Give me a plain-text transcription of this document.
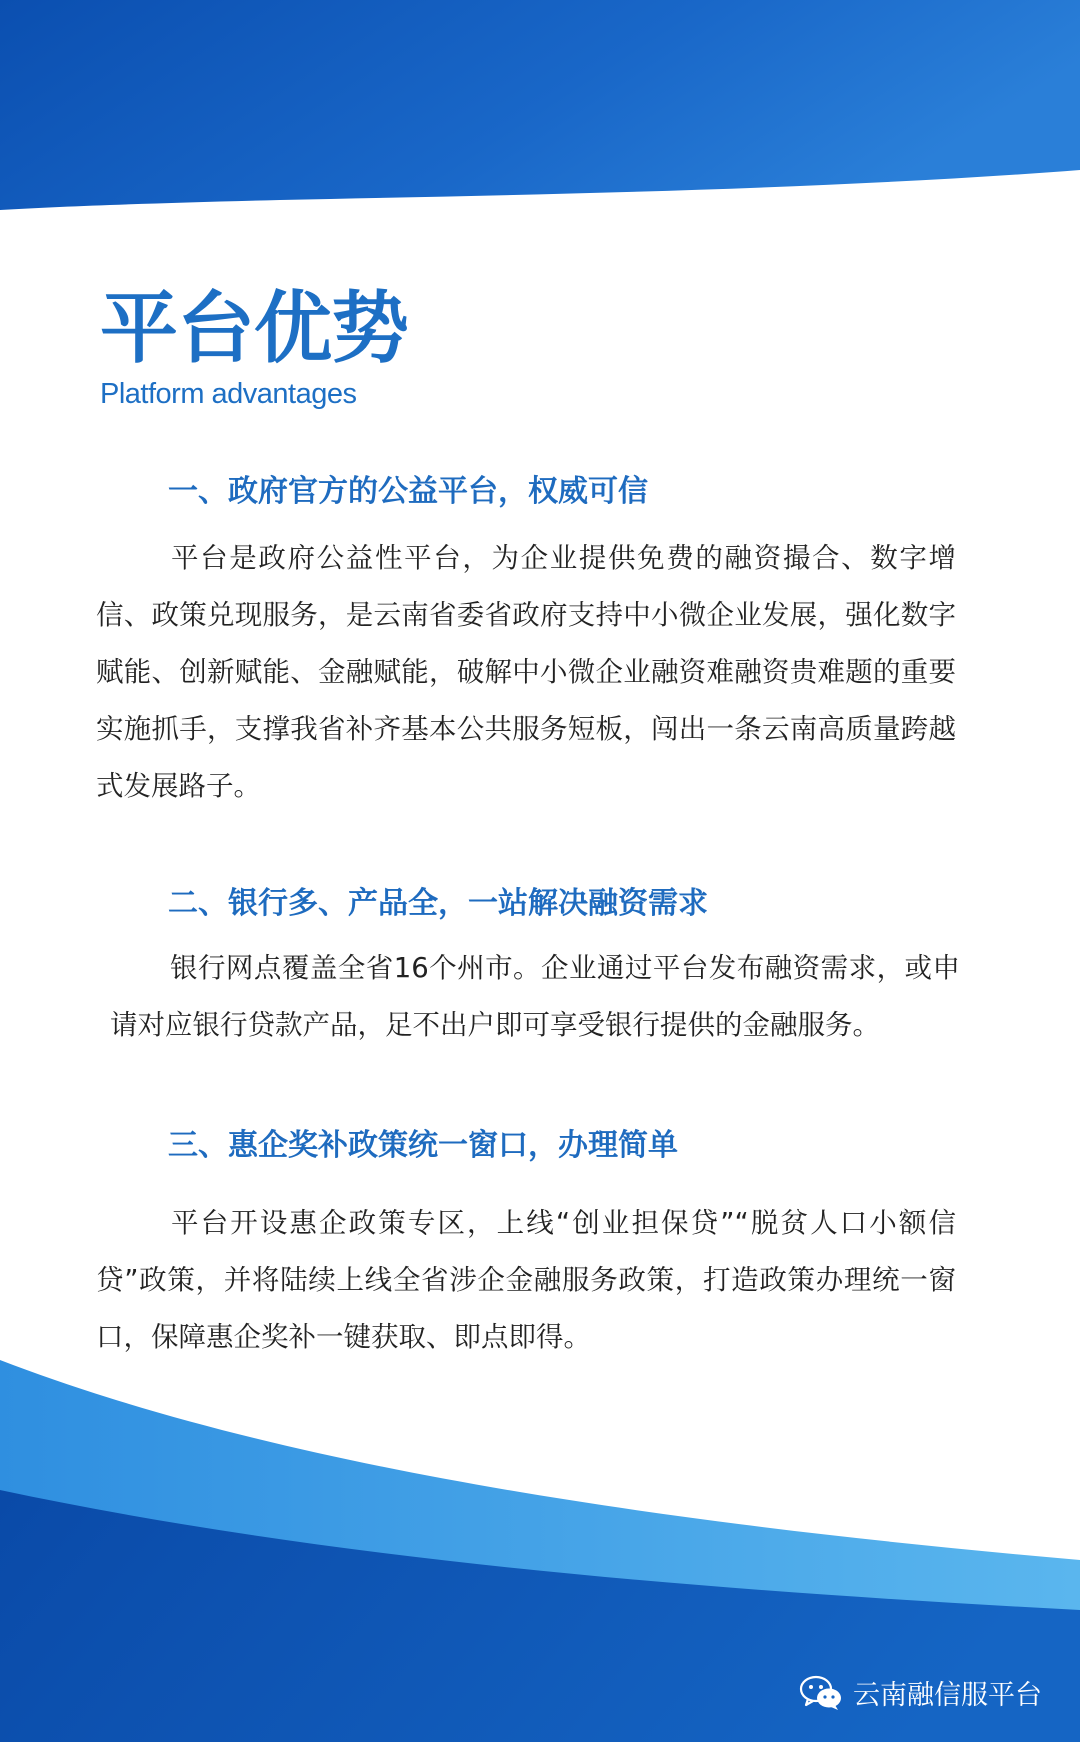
平台优势
Platform advantages
一、政府官方的公益平台，权威可信
平台是政府公益性平台，为企业提供免费的融资撮合、数字增信、政策兑现服务，是云南省委省政府支持中小微企业发展，强化数字赋能、创新赋能、金融赋能，破解中小微企业融资难融资贵难题的重要实施抓手，支撑我省补齐基本公共服务短板，闯出一条云南高质量跨越式发展路子。
二、银行多、产品全，一站解决融资需求
银行网点覆盖全省16个州市。企业通过平台发布融资需求，或申请对应银行贷款产品，足不出户即可享受银行提供的金融服务。
三、惠企奖补政策统一窗口，办理简单
平台开设惠企政策专区，上线“创业担保贷”“脱贫人口小额信贷”政策，并将陆续上线全省涉企金融服务政策，打造政策办理统一窗口，保障惠企奖补一键获取、即点即得。
云南融信服平台
